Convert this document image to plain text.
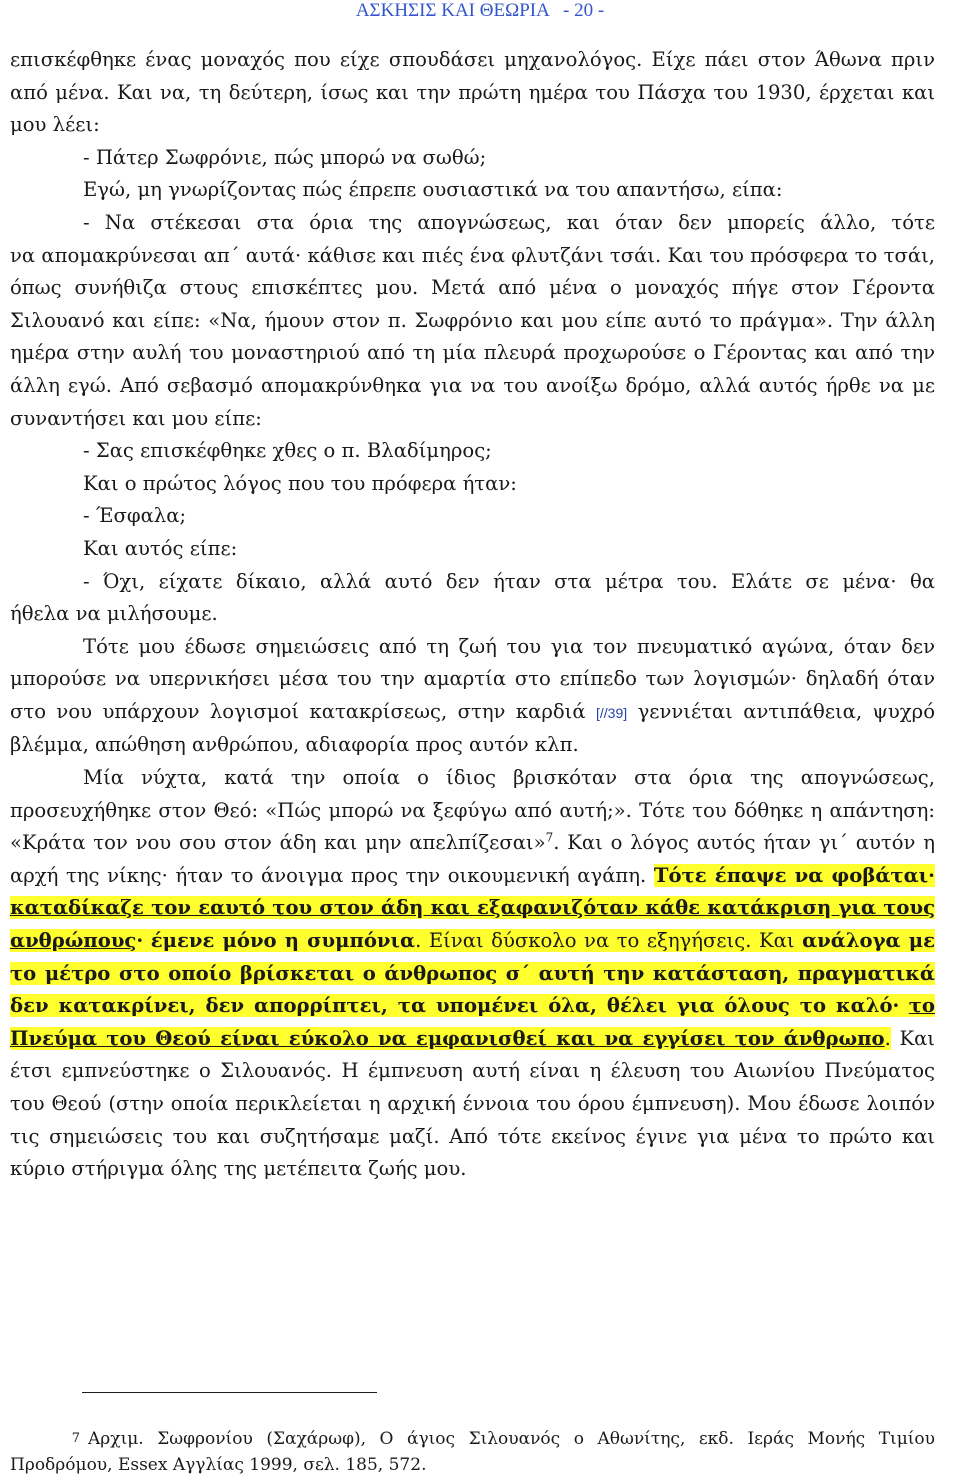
ΑΣΚΗΣΙΣ ΚΑΙ ΘΕΩΡΙΑ - 20 -

επισκέφθηκε ένας μοναχός που είχε σπουδάσει μηχανολόγος. Είχε πάει στον Άθωνα πριν από μένα. Και να, τη δεύτερη, ίσως και την πρώτη ημέρα του Πάσχα του 1930, έρχεται και μου λέει:

- Πάτερ Σωφρόνιε, πώς μπορώ να σωθώ;

Εγώ, μη γνωρίζοντας πώς έπρεπε ουσιαστικά να του απαντήσω, είπα:

- Να στέκεσαι στα όρια της απογνώσεως, και όταν δεν μπορείς άλλο, τότε

να απομακρύνεσαι απ΄ αυτά· κάθισε και πιές ένα φλυτζάνι τσάι. Και του πρόσφερα το τσάι, όπως συνήθιζα στους επισκέπτες μου. Μετά από μένα ο μοναχός πήγε στον Γέροντα Σιλουανό και είπε: «Να, ήμουν στον π. Σωφρόνιο και μου είπε αυτό το πράγμα». Την άλλη ημέρα στην αυλή του μοναστηριού από τη μία πλευρά προχωρούσε ο Γέροντας και από την άλλη εγώ. Από σεβασμό απομακρύνθηκα για να του ανοίξω δρόμο, αλλά αυτός ήρθε να με συναντήσει και μου είπε:

- Σας επισκέφθηκε χθες ο π. Βλαδίμηρος;

Και ο πρώτος λόγος που του πρόφερα ήταν:

- Έσφαλα;

Και αυτός είπε:

- Όχι, είχατε δίκαιο, αλλά αυτό δεν ήταν στα μέτρα του. Ελάτε σε μένα· θα

ήθελα να μιλήσουμε.

Τότε μου έδωσε σημειώσεις από τη ζωή του για τον πνευματικό αγώνα, όταν δεν μπορούσε να υπερνικήσει μέσα του την αμαρτία στο επίπεδο των λογισμών· δηλαδή όταν στο νου υπάρχουν λογισμοί κατακρίσεως, στην καρδιά [//39] γεννιέται αντιπάθεια, ψυχρό βλέμμα, απώθηση ανθρώπου, αδιαφορία προς αυτόν κλπ.

Μία νύχτα, κατά την οποία ο ίδιος βρισκόταν στα όρια της απογνώσεως, προσευχήθηκε στον Θεό: «Πώς μπορώ να ξεφύγω από αυτή;». Τότε του δόθηκε η απάντηση: «Κράτα τον νου σου στον άδη και μην απελπίζεσαι»$^7$. Και ο λόγος αυτός ήταν γι΄ αυτόν η αρχή της νίκης· ήταν το άνοιγμα προς την οικουμενική αγάπη. Τότε έπαψε να φοβάται· καταδίκαζε τον εαυτό του στον άδη και εξαφανιζόταν κάθε κατάκριση για τους ανθρώπους· έμενε μόνο η συμπόνια. Είναι δύσκολο να το εξηγήσεις. Και ανάλογα με το μέτρο στο οποίο βρίσκεται ο άνθρωπος σ΄ αυτή την κατάσταση, πραγματικά δεν κατακρίνει, δεν απορρίπτει, τα υπομένει όλα, θέλει για όλους το καλό· το Πνεύμα του Θεού είναι εύκολο να εμφανισθεί και να εγγίσει τον άνθρωπο. Και έτσι εμπνεύστηκε ο Σιλουανός. Η έμπνευση αυτή είναι η έλευση του Αιωνίου Πνεύματος του Θεού (στην οποία περικλείεται η αρχική έννοια του όρου έμπνευση). Μου έδωσε λοιπόν τις σημειώσεις του και συζητήσαμε μαζί. Από τότε εκείνος έγινε για μένα το πρώτο και κύριο στήριγμα όλης της μετέπειτα ζωής μου.

7 Αρχιμ. Σωφρονίου (Σαχάρωφ), Ο άγιος Σιλουανός ο Αθωνίτης, εκδ. Ιεράς Μονής Τιμίου Προδρόμου, Essex Αγγλίας 1999, σελ. 185, 572.
